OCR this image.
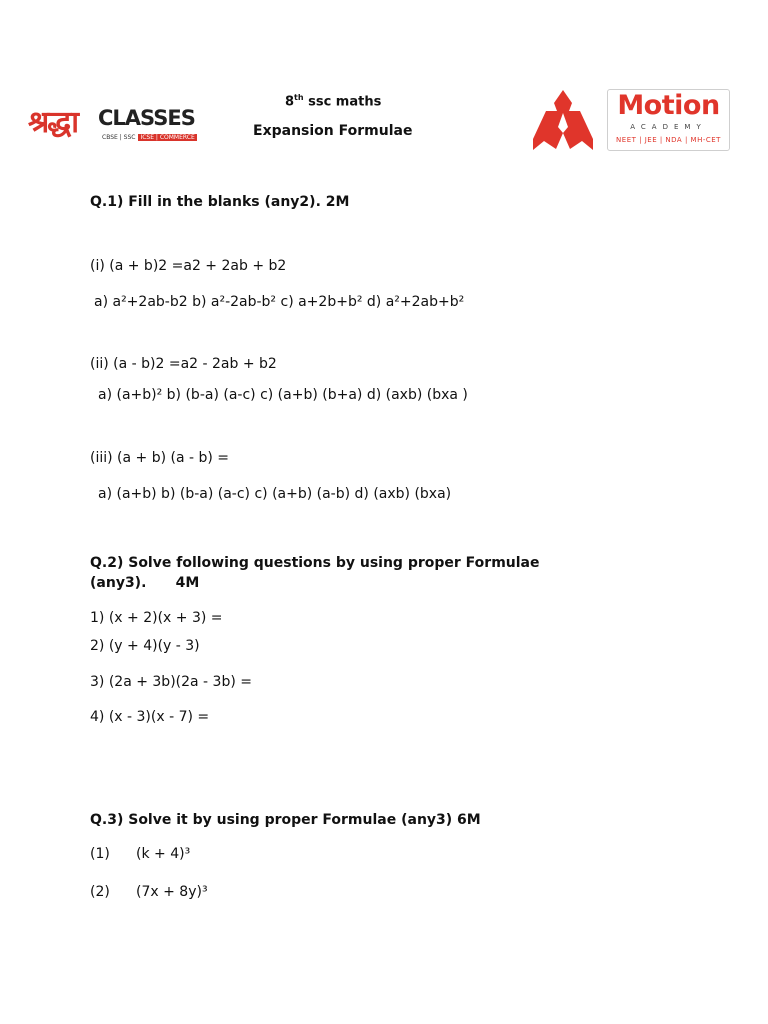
श्रद्धा CLASSES
CBSE | SSC ICSE | COMMERCE
8th ssc maths
Expansion Formulae
Motion
ACADEMY
NEET | JEE | NDA | MH-CET
Q.1) Fill in the blanks (any2). 2M
(i) (a + b)2 =a2 + 2ab + b2
a) a²+2ab-b2 b) a²-2ab-b² c) a+2b+b² d) a²+2ab+b²
(ii) (a - b)2 =a2 - 2ab + b2
a) (a+b)² b) (b-a) (a-c) c) (a+b) (b+a) d) (axb) (bxa )
(iii) (a + b) (a - b) =
a) (a+b) b) (b-a) (a-c) c) (a+b) (a-b) d) (axb) (bxa)
Q.2) Solve following questions by using proper Formulae
(any3).      4M
1) (x + 2)(x + 3) =
2) (y + 4)(y - 3)
3) (2a + 3b)(2a - 3b) =
4) (x - 3)(x - 7) =
Q.3) Solve it by using proper Formulae (any3) 6M
(1) (k + 4)³
(2) (7x + 8y)³
